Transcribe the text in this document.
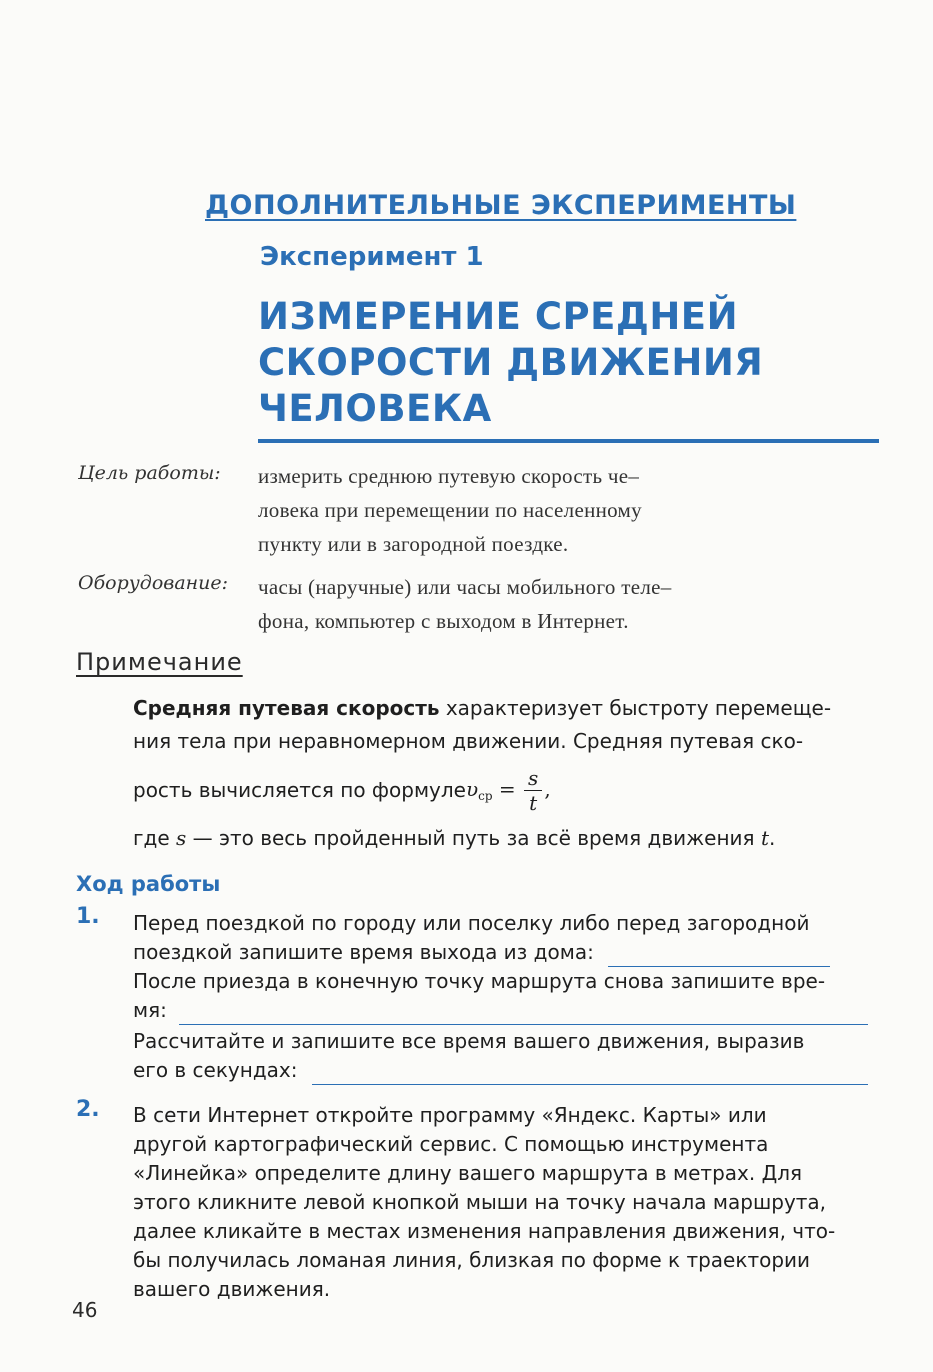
ДОПОЛНИТЕЛЬНЫЕ ЭКСПЕРИМЕНТЫ
Эксперимент 1
ИЗМЕРЕНИЕ СРЕДНЕЙ
СКОРОСТИ ДВИЖЕНИЯ
ЧЕЛОВЕКА
Цель работы: измерить среднюю путевую скорость че–
ловека при перемещении по населенному
пункту или в загородной поездке.
Оборудование: часы (наручные) или часы мобильного теле–
фона, компьютер с выходом в Интернет.
Примечание
Средняя путевая скорость характеризует быстроту перемеще-
ния тела при неравномерном движении. Средняя путевая ско-
рость вычисляется по формуле $\upsilon_{ср} = \frac{s}{t}$ ,
где s — это весь пройденный путь за всё время движения t.
Ход работы
1. Перед поездкой по городу или поселку либо перед загородной
поездкой запишите время выхода из дома:
После приезда в конечную точку маршрута снова запишите вре-
мя:
Рассчитайте и запишите все время вашего движения, выразив
его в секундах:
2. В сети Интернет откройте программу «Яндекс. Карты» или
другой картографический сервис. С помощью инструмента
«Линейка» определите длину вашего маршрута в метрах. Для
этого кликните левой кнопкой мыши на точку начала маршрута,
далее кликайте в местах изменения направления движения, что-
бы получилась ломаная линия, близкая по форме к траектории
вашего движения.
46
